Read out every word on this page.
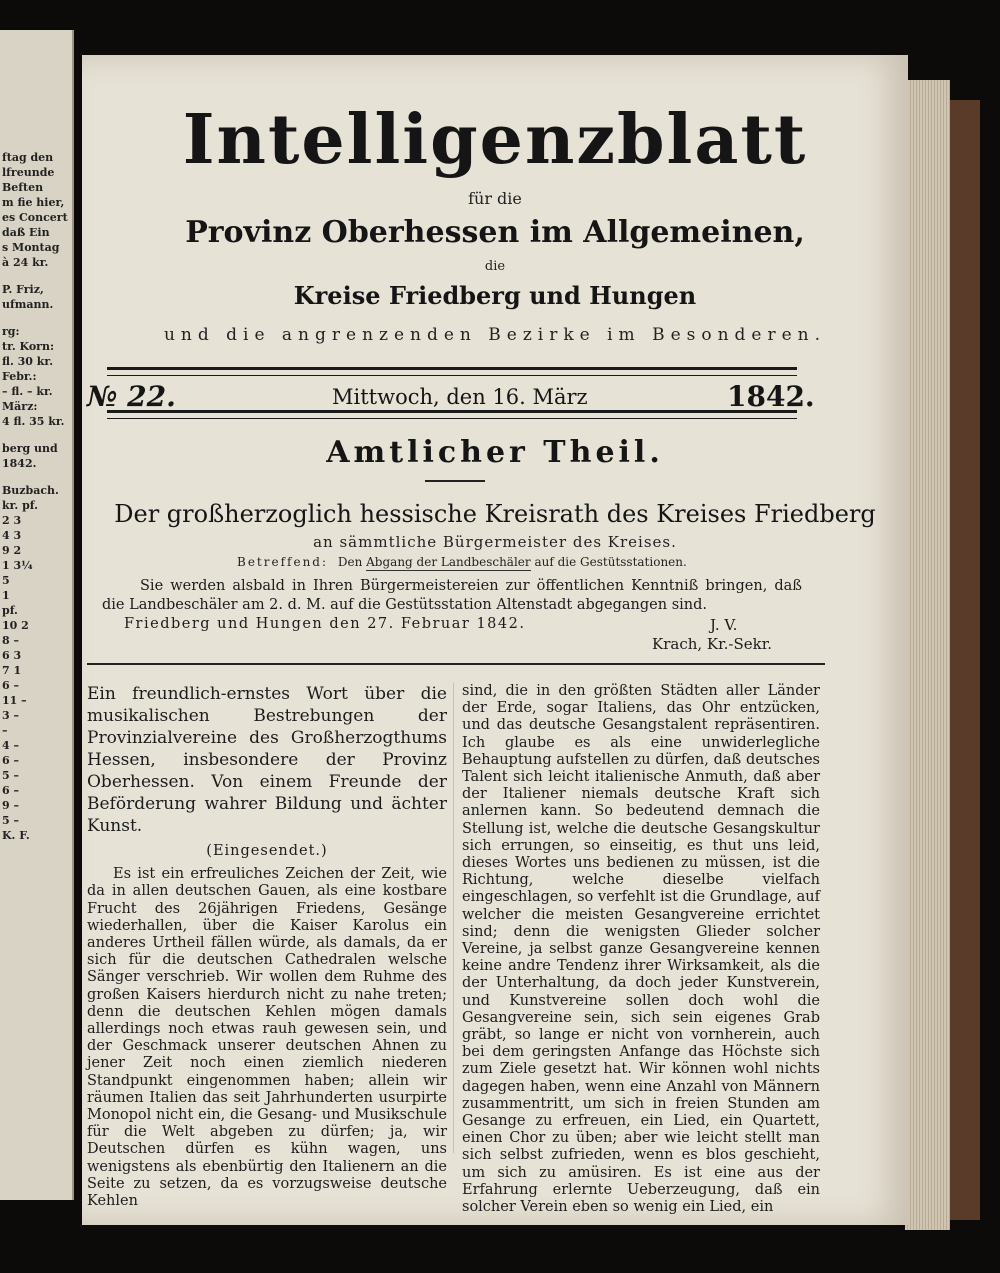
ftag den
lfreunde
Beften
m fie hier,
es Concert
daß Ein
s Montag
à 24 kr.
P. Friz,
ufmann.
rg:
tr. Korn:
fl. 30 kr.
Febr.:
– fl. – kr.
März:
4 fl. 35 kr.
berg und
1842.
Buzbach.
kr. pf.
2 3
4 3
9 2
1 3¼
5
1
pf.
10 2
8 –
6 3
7 1
6 –
11 –
3 –
–
4 –
6 –
5 –
6 –
9 –
5 –
K. F.
Intelligenzblatt
für die
Provinz Oberhessen im Allgemeinen,
die
Kreise Friedberg und Hungen
und die angrenzenden Bezirke im Besonderen.
№ 22.	Mittwoch, den 16. März	1842.
Amtlicher Theil.
Der großherzoglich hessische Kreisrath des Kreises Friedberg
an sämmtliche Bürgermeister des Kreises.
Betreffend: Den Abgang der Landbeschäler auf die Gestütsstationen.

Sie werden alsbald in Ihren Bürgermeistereien zur öffentlichen Kenntniß bringen, daß die Landbeschäler am 2. d. M. auf die Gestütsstation Altenstadt abgegangen sind.

Friedberg und Hungen den 27. Februar 1842.	J. V.
Krach, Kr.-Sekr.

Ein freundlich-ernstes Wort über die musikalischen Bestrebungen der Provinzialvereine des Großherzogthums Hessen, insbesondere der Provinz Oberhessen. Von einem Freunde der Beförderung wahrer Bildung und ächter Kunst.

(Eingesendet.)

Es ist ein erfreuliches Zeichen der Zeit, wie da in allen deutschen Gauen, als eine kostbare Frucht des 26jährigen Friedens, Gesänge wiederhallen, über die Kaiser Karolus ein anderes Urtheil fällen würde, als damals, da er sich für die deutschen Cathedralen welsche Sänger verschrieb. Wir wollen dem Ruhme des großen Kaisers hierdurch nicht zu nahe treten; denn die deutschen Kehlen mögen damals allerdings noch etwas rauh gewesen sein, und der Geschmack unserer deutschen Ahnen zu jener Zeit noch einen ziemlich niederen Standpunkt eingenommen haben; allein wir räumen Italien das seit Jahrhunderten usurpirte Monopol nicht ein, die Gesang- und Musikschule für die Welt abgeben zu dürfen; ja, wir Deutschen dürfen es kühn wagen, uns wenigstens als ebenbürtig den Italienern an die Seite zu setzen, da es vorzugsweise deutsche Kehlen

sind, die in den größten Städten aller Länder der Erde, sogar Italiens, das Ohr entzücken, und das deutsche Gesangstalent repräsentiren. Ich glaube es als eine unwiderlegliche Behauptung aufstellen zu dürfen, daß deutsches Talent sich leicht italienische Anmuth, daß aber der Italiener niemals deutsche Kraft sich anlernen kann. So bedeutend demnach die Stellung ist, welche die deutsche Gesangskultur sich errungen, so einseitig, es thut uns leid, dieses Wortes uns bedienen zu müssen, ist die Richtung, welche dieselbe vielfach eingeschlagen, so verfehlt ist die Grundlage, auf welcher die meisten Gesangvereine errichtet sind; denn die wenigsten Glieder solcher Vereine, ja selbst ganze Gesangvereine kennen keine andre Tendenz ihrer Wirksamkeit, als die der Unterhaltung, da doch jeder Kunstverein, und Kunstvereine sollen doch wohl die Gesangvereine sein, sich sein eigenes Grab gräbt, so lange er nicht von vornherein, auch bei dem geringsten Anfange das Höchste sich zum Ziele gesetzt hat. Wir können wohl nichts dagegen haben, wenn eine Anzahl von Männern zusammentritt, um sich in freien Stunden am Gesange zu erfreuen, ein Lied, ein Quartett, einen Chor zu üben; aber wie leicht stellt man sich selbst zufrieden, wenn es blos geschieht, um sich zu amüsiren. Es ist eine aus der Erfahrung erlernte Ueberzeugung, daß ein solcher Verein eben so wenig ein Lied, ein
